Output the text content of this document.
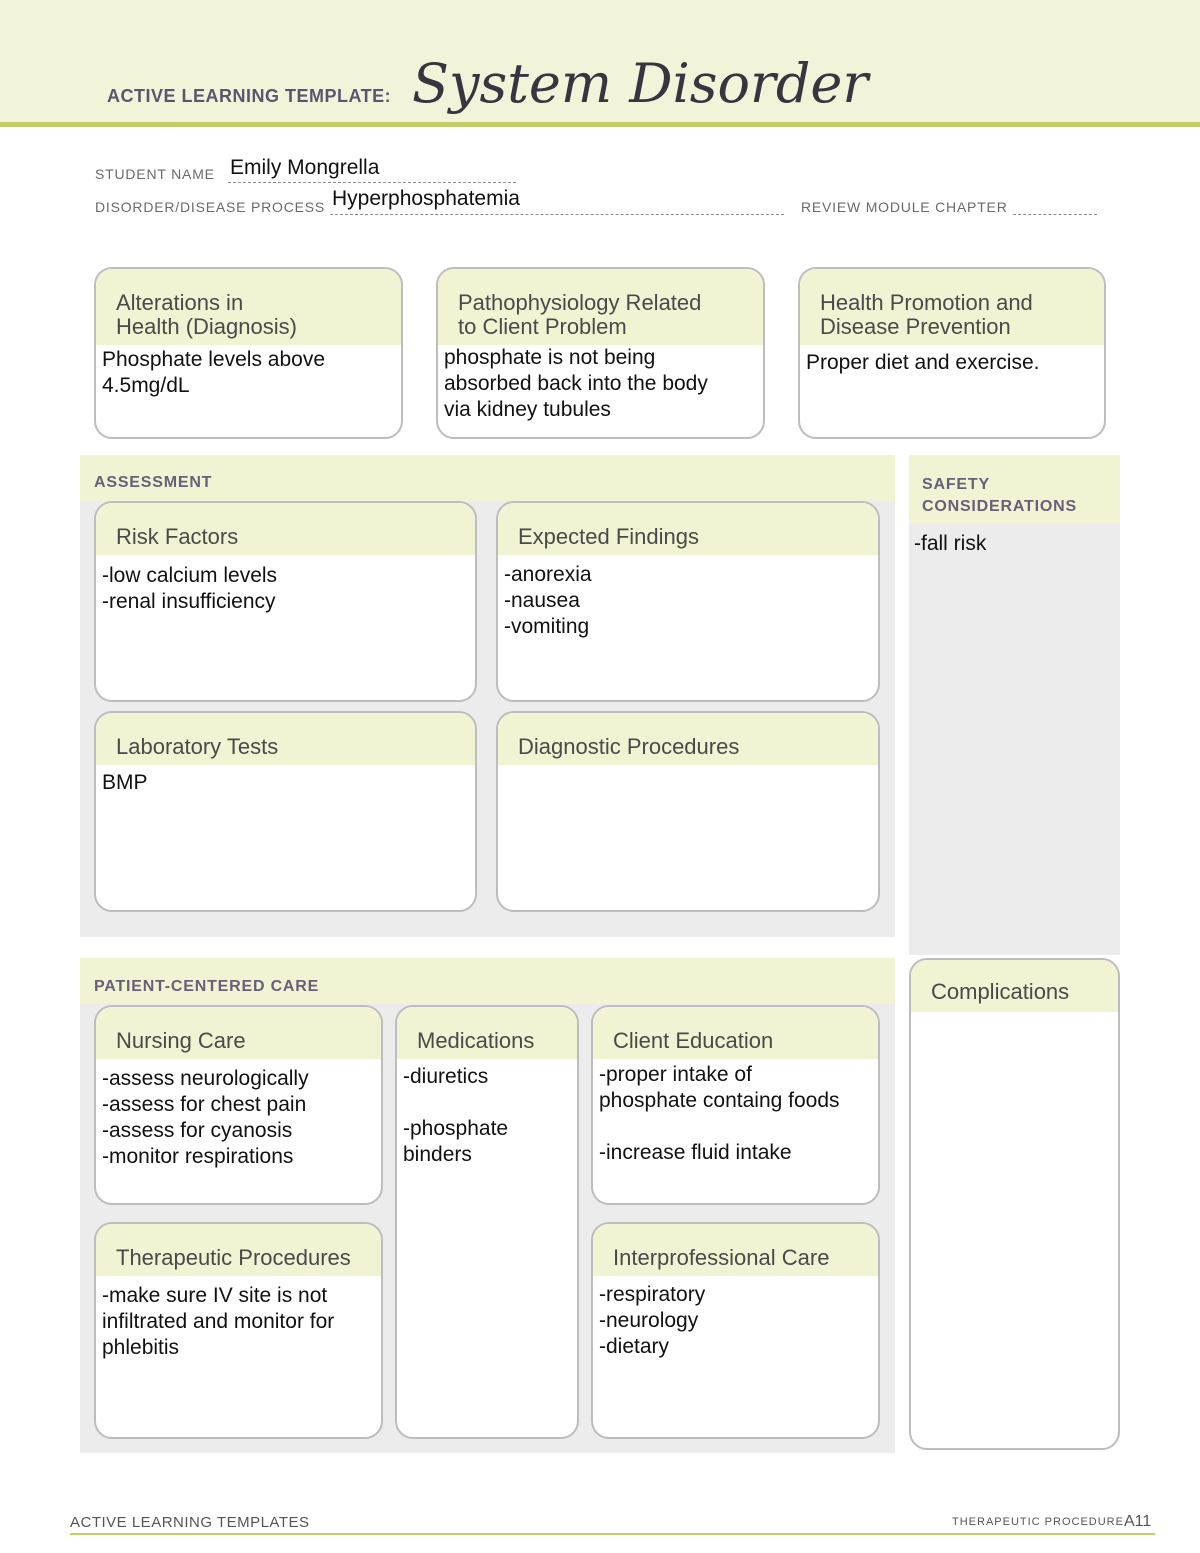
ACTIVE LEARNING TEMPLATE: System Disorder
STUDENT NAME Emily Mongrella
DISORDER/DISEASE PROCESS Hyperphosphatemia	REVIEW MODULE CHAPTER
Alterations in
Health (Diagnosis)
Phosphate levels above
4.5mg/dL
Pathophysiology Related
to Client Problem
phosphate is not being
absorbed back into the body
via kidney tubules
Health Promotion and
Disease Prevention
Proper diet and exercise.
ASSESSMENT
Risk Factors
-low calcium levels
-renal insufficiency
Expected Findings
-anorexia
-nausea
-vomiting
Laboratory Tests
BMP
Diagnostic Procedures
SAFETY
CONSIDERATIONS
-fall risk
Complications
PATIENT-CENTERED CARE
Nursing Care
-assess neurologically
-assess for chest pain
-assess for cyanosis
-monitor respirations
Medications
-diuretics

-phosphate
binders
Client Education
-proper intake of
phosphate containg foods

-increase fluid intake
Therapeutic Procedures
-make sure IV site is not
infiltrated and monitor for
phlebitis
Interprofessional Care
-respiratory
-neurology
-dietary
ACTIVE LEARNING TEMPLATES	THERAPEUTIC PROCEDURE A11
